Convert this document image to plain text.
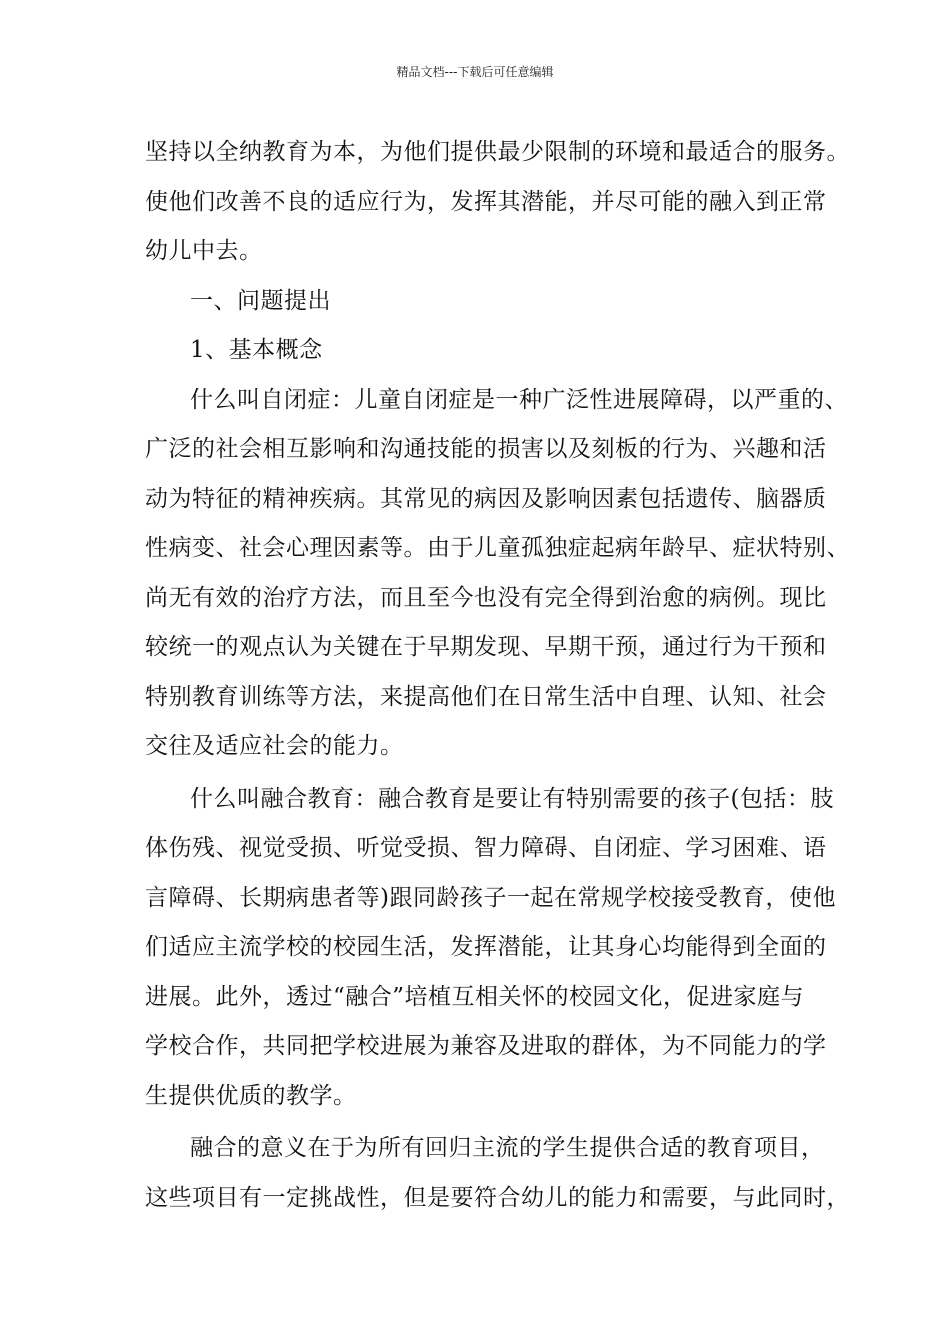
精品文档---下载后可任意编辑
坚持以全纳教育为本，为他们提供最少限制的环境和最适合的服务。
使他们改善不良的适应行为，发挥其潜能，并尽可能的融入到正常
幼儿中去。
一、问题提出
1、基本概念
什么叫自闭症：儿童自闭症是一种广泛性进展障碍，以严重的、
广泛的社会相互影响和沟通技能的损害以及刻板的行为、兴趣和活
动为特征的精神疾病。其常见的病因及影响因素包括遗传、脑器质
性病变、社会心理因素等。由于儿童孤独症起病年龄早、症状特别、
尚无有效的治疗方法，而且至今也没有完全得到治愈的病例。现比
较统一的观点认为关键在于早期发现、早期干预，通过行为干预和
特别教育训练等方法，来提高他们在日常生活中自理、认知、社会
交往及适应社会的能力。
什么叫融合教育：融合教育是要让有特别需要的孩子(包括：肢
体伤残、视觉受损、听觉受损、智力障碍、自闭症、学习困难、语
言障碍、长期病患者等)跟同龄孩子一起在常规学校接受教育，使他
们适应主流学校的校园生活，发挥潜能，让其身心均能得到全面的
进展。此外，透过“融合”培植互相关怀的校园文化，促进家庭与
学校合作，共同把学校进展为兼容及进取的群体，为不同能力的学
生提供优质的教学。
融合的意义在于为所有回归主流的学生提供合适的教育项目，
这些项目有一定挑战性，但是要符合幼儿的能力和需要，与此同时，
